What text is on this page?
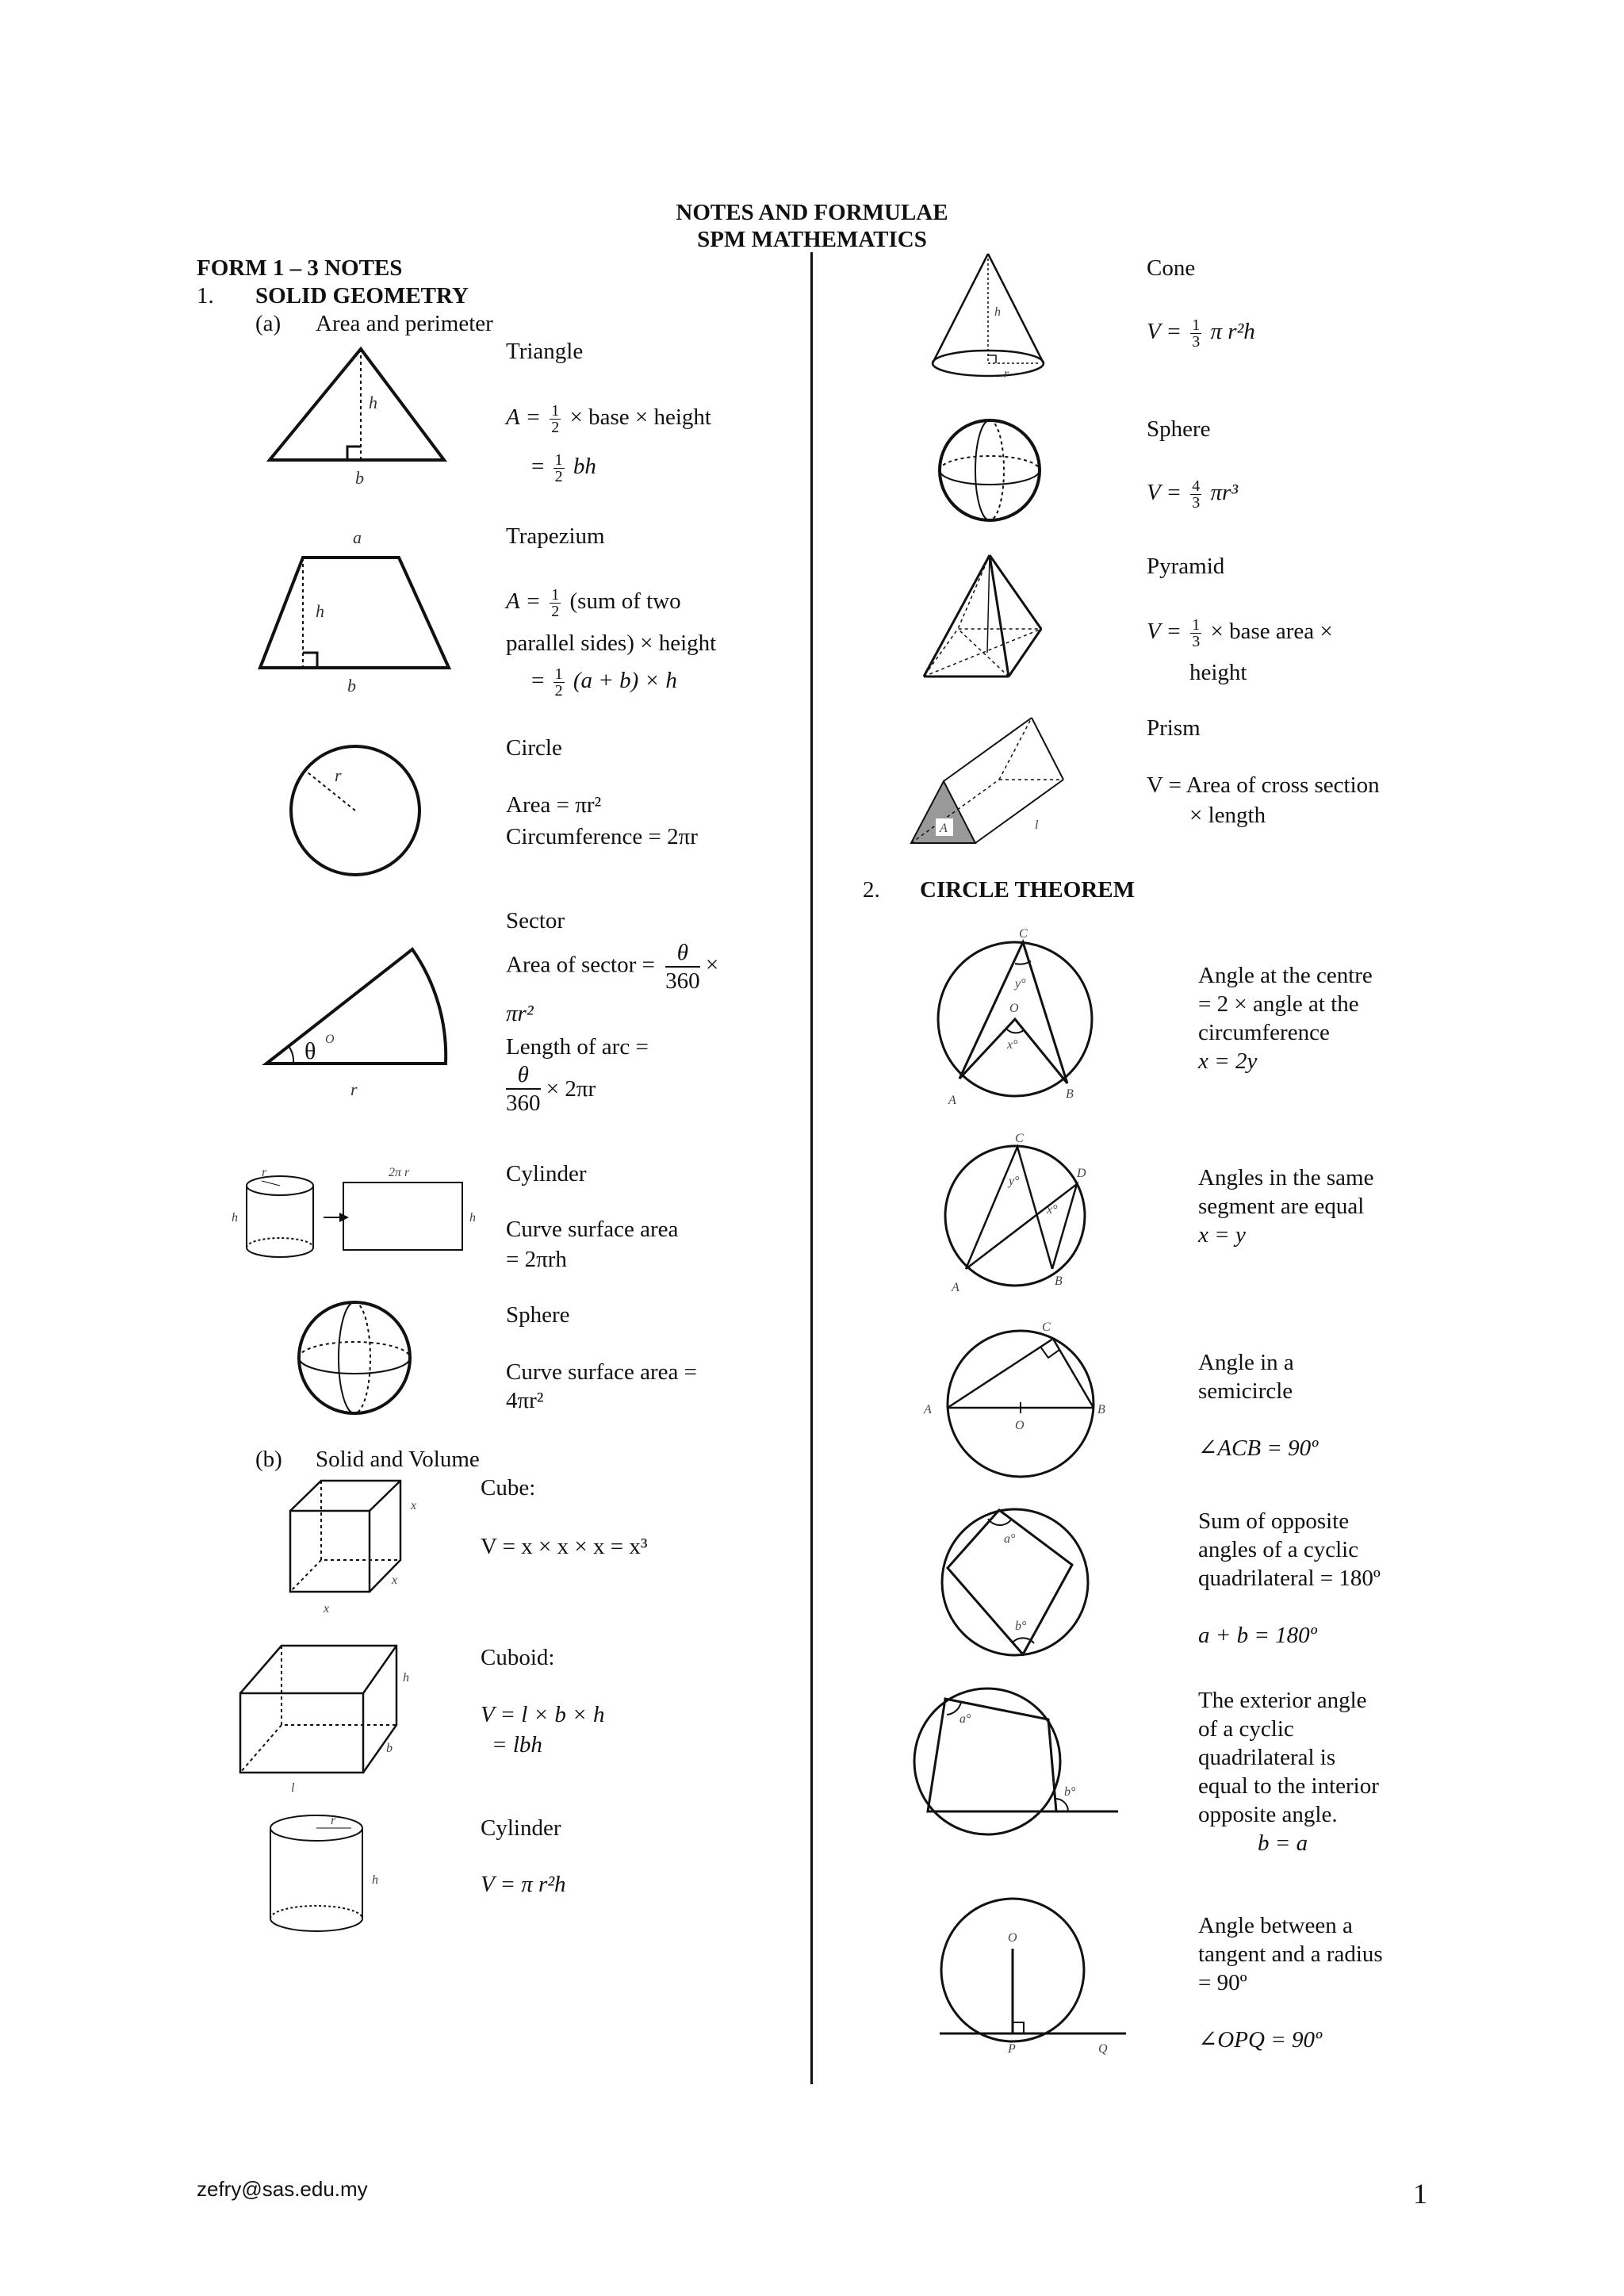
NOTES AND FORMULAE
SPM MATHEMATICS
FORM 1 – 3 NOTES
1. SOLID GEOMETRY
(a) Area and perimeter
h
b
Triangle
$A = \frac{1}{2}$ × base × height
= $\frac{1}{2}$ bh
a
h
b
Trapezium
$A = \frac{1}{2} (sum$ of two
parallel sides) × height
= $\frac{1}{2} (a + b) \times h$
r
Circle
Area = πr²
Circumference = 2πr
θ O
r
Sector
Area of sector = $\frac{\theta}{360}$ ×
πr²
Length of arc =
$\frac{\theta}{360} \times 2\pi r$
r
h
2π r
h
Cylinder
Curve surface area
= 2πrh
Sphere
Curve surface area =
4πr²
(b) Solid and Volume
x
x
x
Cube:
V = x × x × x = x³
h
b
l
Cuboid:
V = l × b × h
= lbh
r
h
Cylinder
V = π r²h
h
r
Cone
$V = \frac{1}{3}$ π r²h
Sphere
$V = \frac{4}{3} \pi r^3$
Pyramid
$V = \frac{1}{3}$ × base area ×
height
A	l
Prism
V = Area of cross section
× length
2. CIRCLE THEOREM
C
y°
O
x°
A	B
Angle at the centre
= 2 × angle at the
circumference
x = 2y
C
D
y°
x°
A	B
Angles in the same
segment are equal
x = y
C
A	B
O
Angle in a
semicircle
∠ACB = 90º
a°
b°
Sum of opposite
angles of a cyclic
quadrilateral = 180º
a + b = 180º
a°
b°
The exterior angle
of a cyclic
quadrilateral is
equal to the interior
opposite angle.
b = a
O
P	Q
Angle between a
tangent and a radius
= 90º
∠OPQ = 90º
zefry@sas.edu.my	1
